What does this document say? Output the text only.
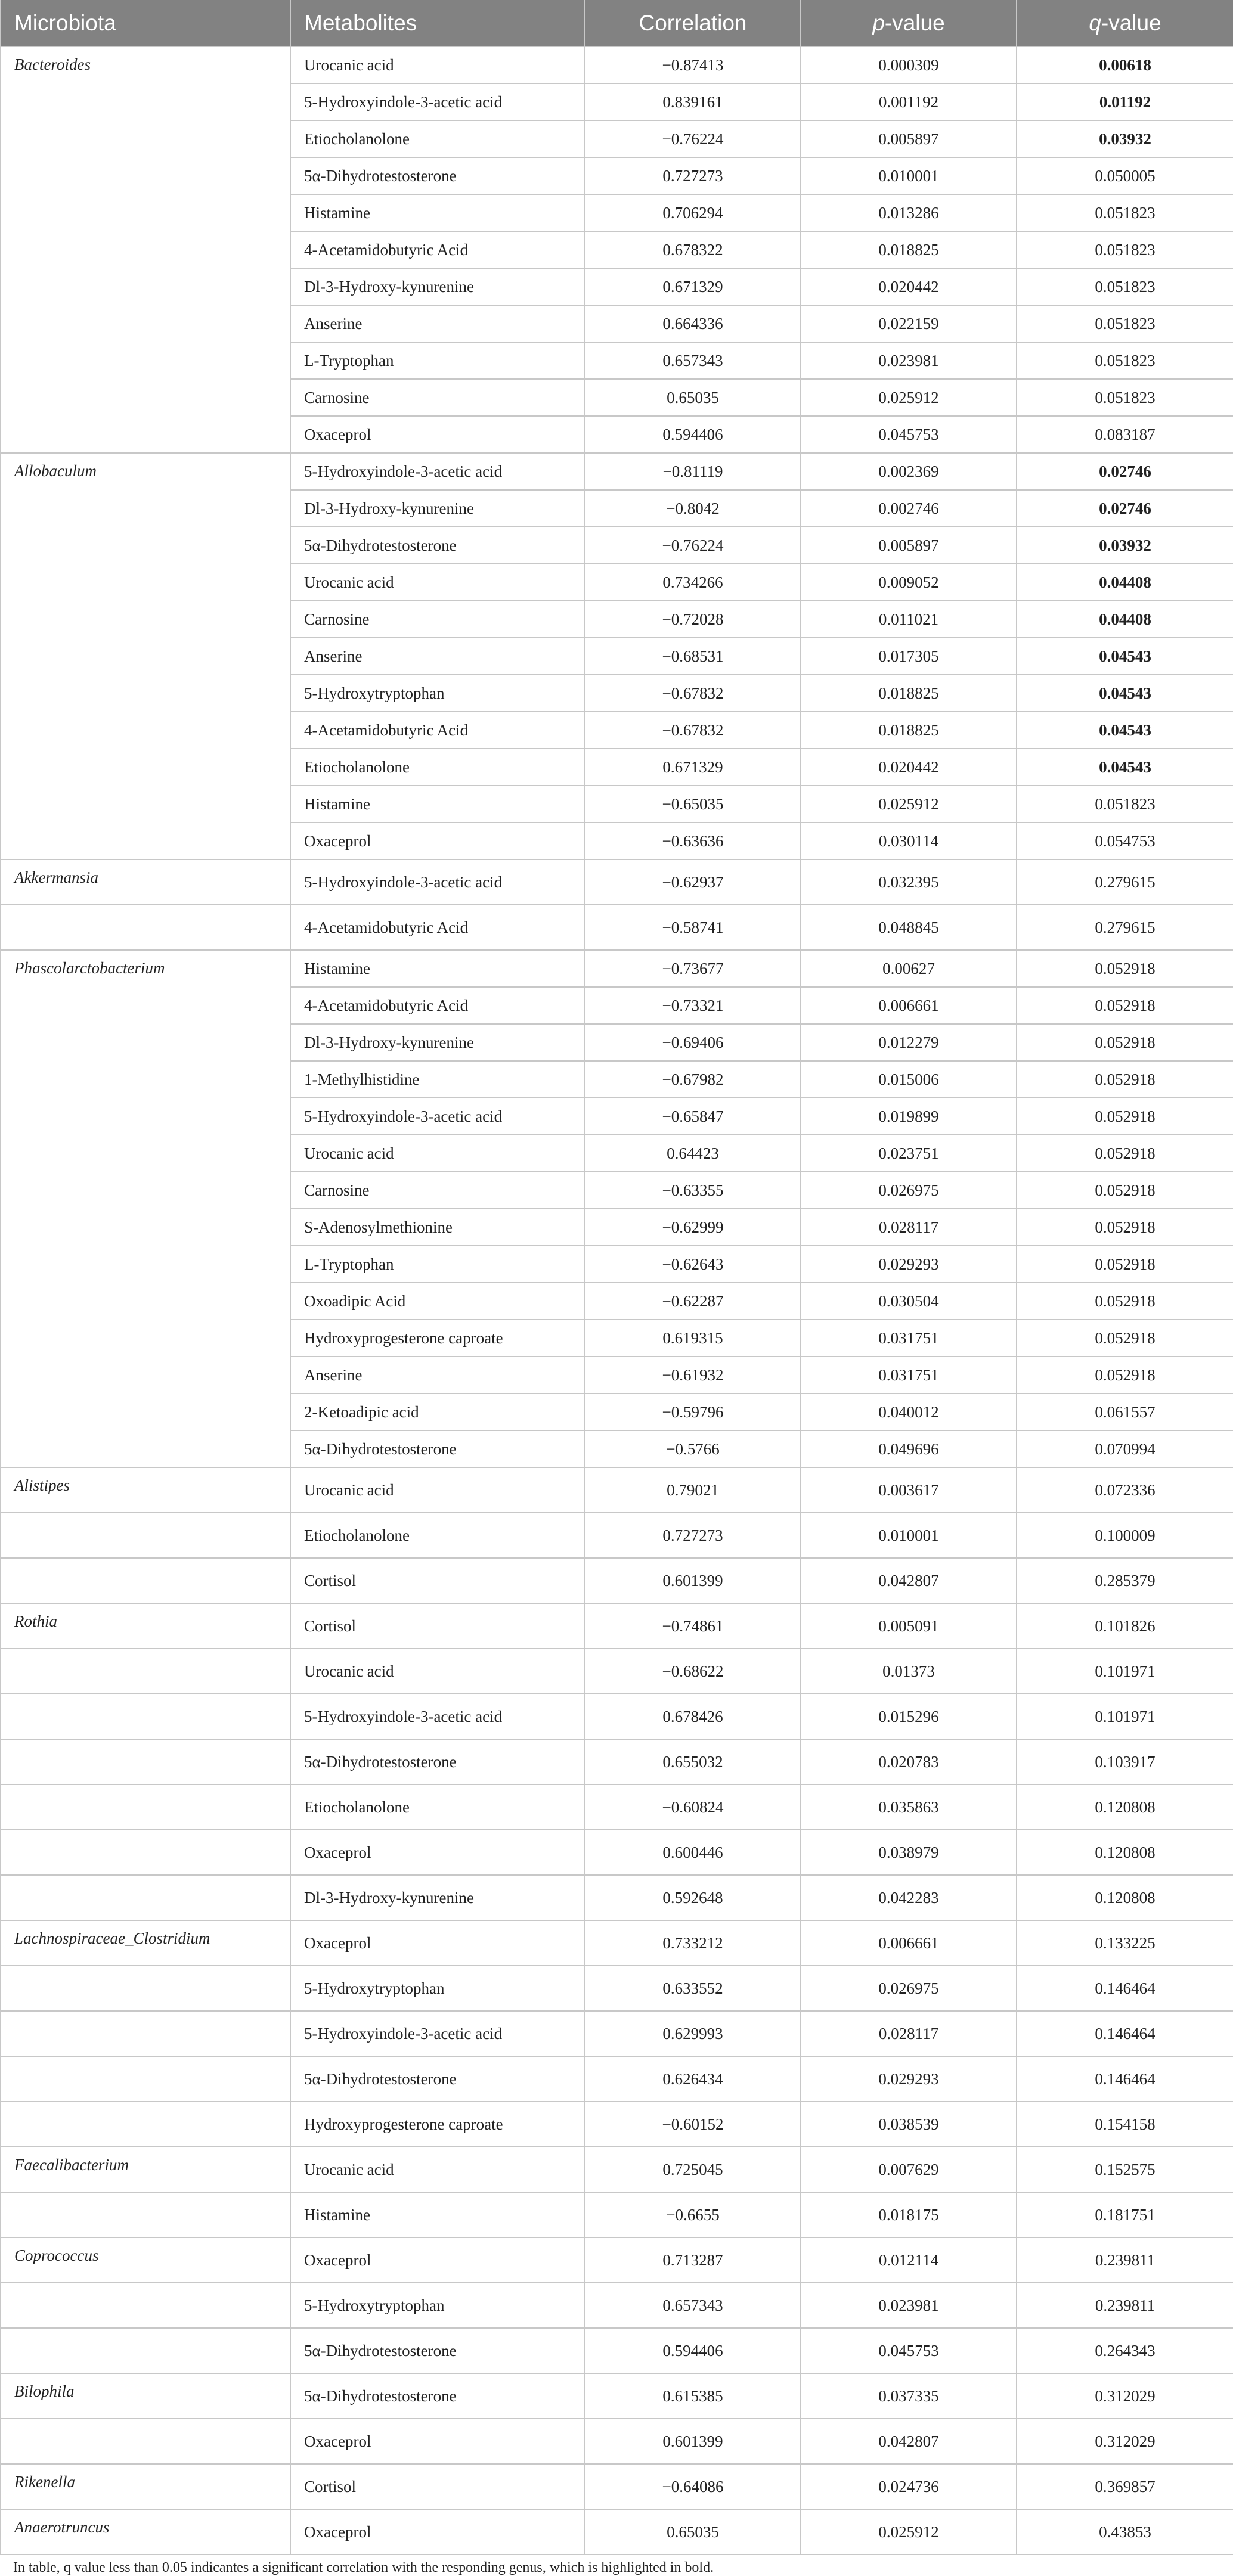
Microbiota	Metabolites	Correlation	p-value	q-value
Bacteroides	Urocanic acid	−0.87413	0.000309	0.00618
	5-Hydroxyindole-3-acetic acid	0.839161	0.001192	0.01192
	Etiocholanolone	−0.76224	0.005897	0.03932
	5α-Dihydrotestosterone	0.727273	0.010001	0.050005
	Histamine	0.706294	0.013286	0.051823
	4-Acetamidobutyric Acid	0.678322	0.018825	0.051823
	Dl-3-Hydroxy-kynurenine	0.671329	0.020442	0.051823
	Anserine	0.664336	0.022159	0.051823
	L-Tryptophan	0.657343	0.023981	0.051823
	Carnosine	0.65035	0.025912	0.051823
	Oxaceprol	0.594406	0.045753	0.083187
Allobaculum	5-Hydroxyindole-3-acetic acid	−0.81119	0.002369	0.02746
	Dl-3-Hydroxy-kynurenine	−0.8042	0.002746	0.02746
	5α-Dihydrotestosterone	−0.76224	0.005897	0.03932
	Urocanic acid	0.734266	0.009052	0.04408
	Carnosine	−0.72028	0.011021	0.04408
	Anserine	−0.68531	0.017305	0.04543
	5-Hydroxytryptophan	−0.67832	0.018825	0.04543
	4-Acetamidobutyric Acid	−0.67832	0.018825	0.04543
	Etiocholanolone	0.671329	0.020442	0.04543
	Histamine	−0.65035	0.025912	0.051823
	Oxaceprol	−0.63636	0.030114	0.054753
Akkermansia	5-Hydroxyindole-3-acetic acid	−0.62937	0.032395	0.279615
	4-Acetamidobutyric Acid	−0.58741	0.048845	0.279615
Phascolarctobacterium	Histamine	−0.73677	0.00627	0.052918
	4-Acetamidobutyric Acid	−0.73321	0.006661	0.052918
	Dl-3-Hydroxy-kynurenine	−0.69406	0.012279	0.052918
	1-Methylhistidine	−0.67982	0.015006	0.052918
	5-Hydroxyindole-3-acetic acid	−0.65847	0.019899	0.052918
	Urocanic acid	0.64423	0.023751	0.052918
	Carnosine	−0.63355	0.026975	0.052918
	S-Adenosylmethionine	−0.62999	0.028117	0.052918
	L-Tryptophan	−0.62643	0.029293	0.052918
	Oxoadipic Acid	−0.62287	0.030504	0.052918
	Hydroxyprogesterone caproate	0.619315	0.031751	0.052918
	Anserine	−0.61932	0.031751	0.052918
	2-Ketoadipic acid	−0.59796	0.040012	0.061557
	5α-Dihydrotestosterone	−0.5766	0.049696	0.070994
Alistipes	Urocanic acid	0.79021	0.003617	0.072336
	Etiocholanolone	0.727273	0.010001	0.100009
	Cortisol	0.601399	0.042807	0.285379
Rothia	Cortisol	−0.74861	0.005091	0.101826
	Urocanic acid	−0.68622	0.01373	0.101971
	5-Hydroxyindole-3-acetic acid	0.678426	0.015296	0.101971
	5α-Dihydrotestosterone	0.655032	0.020783	0.103917
	Etiocholanolone	−0.60824	0.035863	0.120808
	Oxaceprol	0.600446	0.038979	0.120808
	Dl-3-Hydroxy-kynurenine	0.592648	0.042283	0.120808
Lachnospiraceae_Clostridium	Oxaceprol	0.733212	0.006661	0.133225
	5-Hydroxytryptophan	0.633552	0.026975	0.146464
	5-Hydroxyindole-3-acetic acid	0.629993	0.028117	0.146464
	5α-Dihydrotestosterone	0.626434	0.029293	0.146464
	Hydroxyprogesterone caproate	−0.60152	0.038539	0.154158
Faecalibacterium	Urocanic acid	0.725045	0.007629	0.152575
	Histamine	−0.6655	0.018175	0.181751
Coprococcus	Oxaceprol	0.713287	0.012114	0.239811
	5-Hydroxytryptophan	0.657343	0.023981	0.239811
	5α-Dihydrotestosterone	0.594406	0.045753	0.264343
Bilophila	5α-Dihydrotestosterone	0.615385	0.037335	0.312029
	Oxaceprol	0.601399	0.042807	0.312029
Rikenella	Cortisol	−0.64086	0.024736	0.369857
Anaerotruncus	Oxaceprol	0.65035	0.025912	0.43853
In table, q value less than 0.05 indicantes a significant correlation with the responding genus, which is highlighted in bold.
